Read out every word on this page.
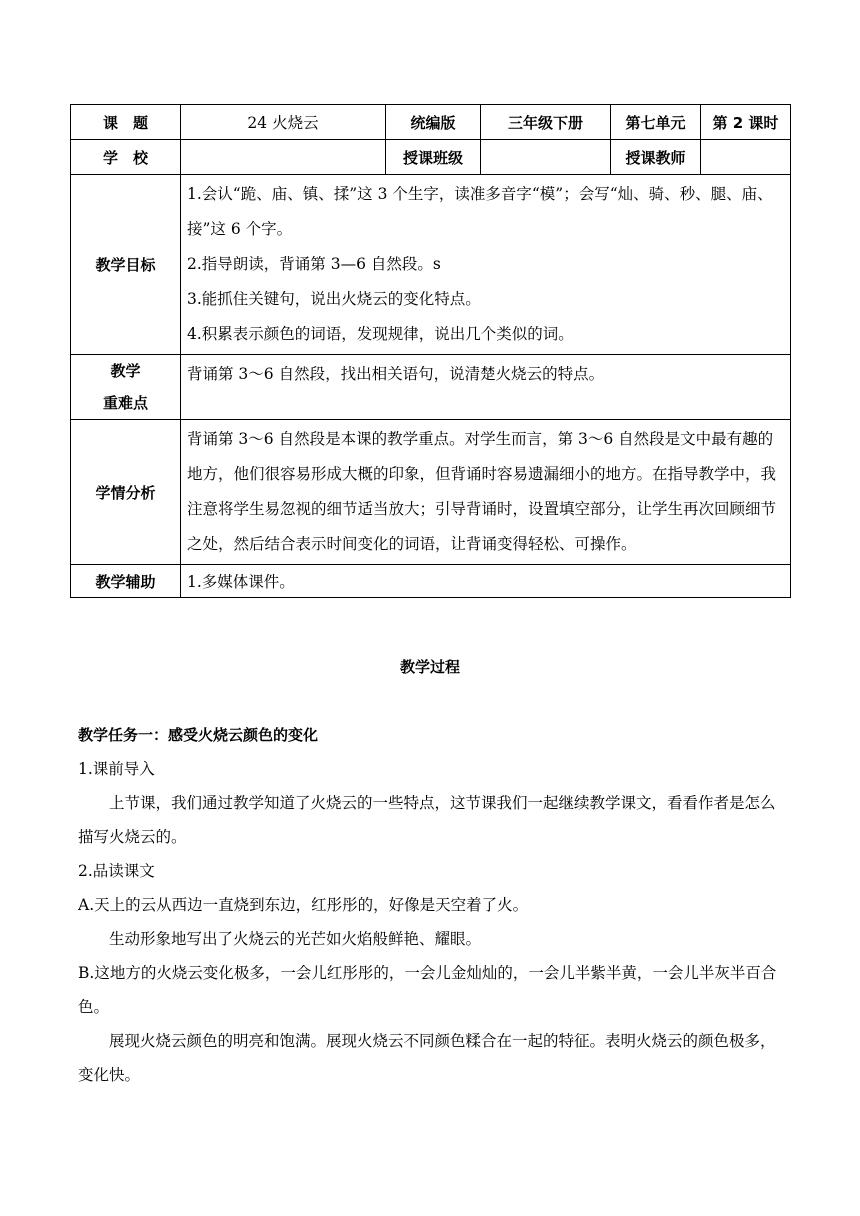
课　题	24 火烧云	统编版	三年级下册	第七单元	第 2 课时
学　校		授课班级		授课教师	
教学目标	1.会认“跪、庙、镇、揉”这 3 个生字，读准多音字“模”；会写“灿、骑、秒、腿、庙、接”这 6 个字。

2.指导朗读，背诵第 3—6 自然段。s

3.能抓住关键句，说出火烧云的变化特点。

4.积累表示颜色的词语，发现规律，说出几个类似的词。				

教学
重难点	背诵第 3～6 自然段，找出相关语句，说清楚火烧云的特点。				

学情分析	背诵第 3～6 自然段是本课的教学重点。对学生而言，第 3～6 自然段是文中最有趣的地方，他们很容易形成大概的印象，但背诵时容易遗漏细小的地方。在指导教学中，我注意将学生易忽视的细节适当放大；引导背诵时，设置填空部分，让学生再次回顾细节之处，然后结合表示时间变化的词语，让背诵变得轻松、可操作。				

教学辅助	1.多媒体课件。				
教学过程

教学任务一：感受火烧云颜色的变化

1.课前导入

上节课，我们通过教学知道了火烧云的一些特点，这节课我们一起继续教学课文，看看作者是怎么描写火烧云的。

2.品读课文

A.天上的云从西边一直烧到东边，红彤彤的，好像是天空着了火。

生动形象地写出了火烧云的光芒如火焰般鲜艳、耀眼。

B.这地方的火烧云变化极多，一会儿红彤彤的，一会儿金灿灿的，一会儿半紫半黄，一会儿半灰半百合色。

展现火烧云颜色的明亮和饱满。展现火烧云不同颜色糅合在一起的特征。表明火烧云的颜色极多，变化快。
